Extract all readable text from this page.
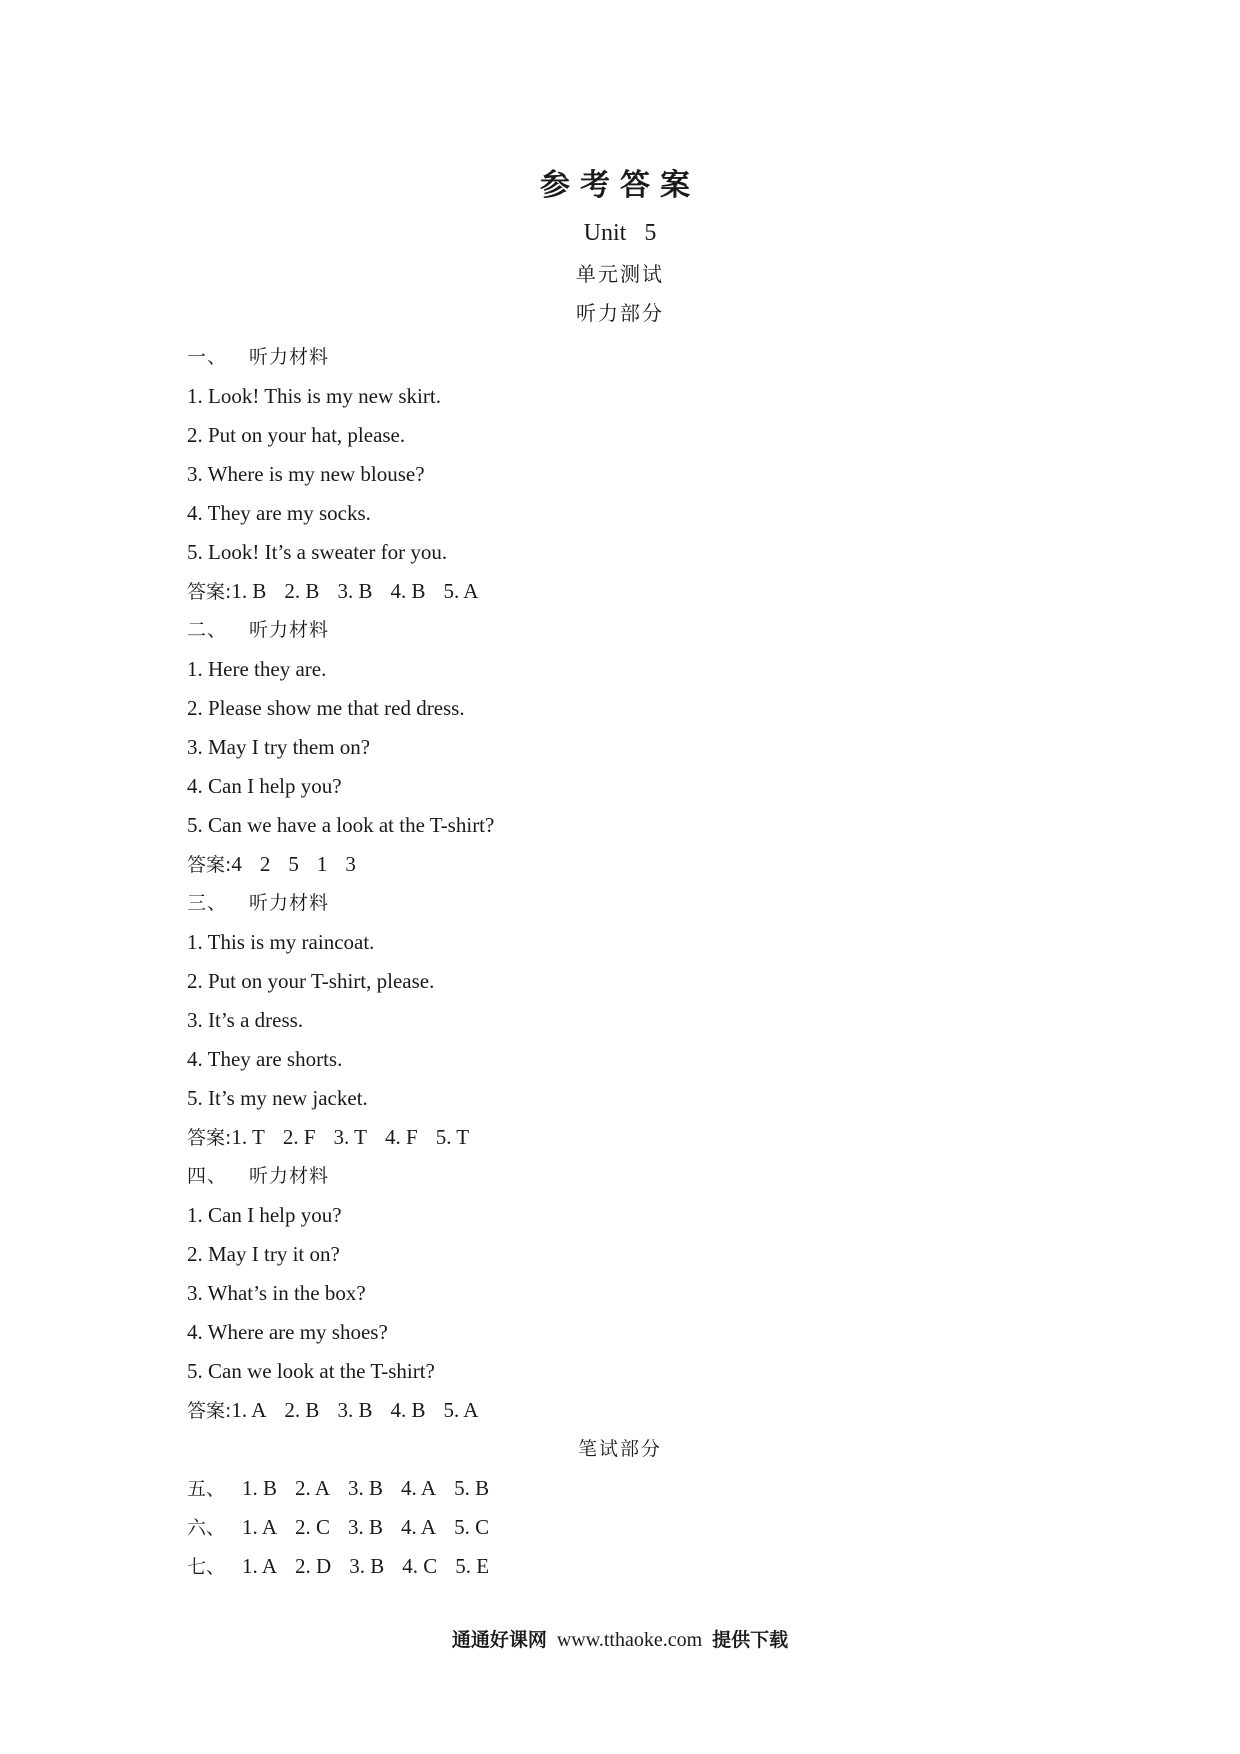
参考答案
Unit 5
单元测试
听力部分
一、 听力材料
1. Look! This is my new skirt.
2. Put on your hat, please.
3. Where is my new blouse?
4. They are my socks.
5. Look! It’s a sweater for you.
答案:1. B 2. B 3. B 4. B 5. A
二、 听力材料
1. Here they are.
2. Please show me that red dress.
3. May I try them on?
4. Can I help you?
5. Can we have a look at the T-shirt?
答案:4 2 5 1 3
三、 听力材料
1. This is my raincoat.
2. Put on your T-shirt, please.
3. It’s a dress.
4. They are shorts.
5. It’s my new jacket.
答案:1. T 2. F 3. T 4. F 5. T
四、 听力材料
1. Can I help you?
2. May I try it on?
3. What’s in the box?
4. Where are my shoes?
5. Can we look at the T-shirt?
答案:1. A 2. B 3. B 4. B 5. A
笔试部分
五、 1. B 2. A 3. B 4. A 5. B
六、 1. A 2. C 3. B 4. A 5. C
七、 1. A 2. D 3. B 4. C 5. E
通通好课网 www.tthaoke.com 提供下载
